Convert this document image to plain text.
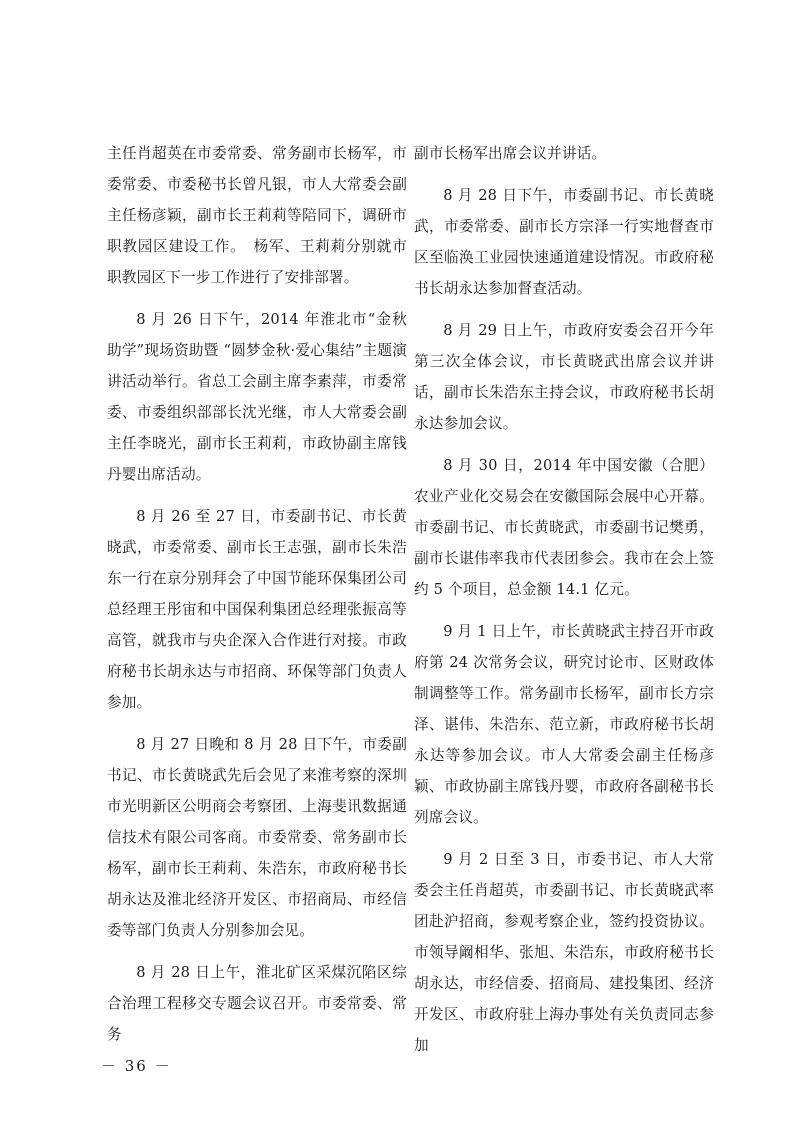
主任肖超英在市委常委、常务副市长杨军，市委常委、市委秘书长曾凡银，市人大常委会副主任杨彦颖，副市长王莉莉等陪同下，调研市职教园区建设工作。　杨军、王莉莉分别就市职教园区下一步工作进行了安排部署。

8 月 26 日下午，2014 年淮北市“金秋助学”现场资助暨 “圆梦金秋·爱心集结”主题演讲活动举行。省总工会副主席李素萍，市委常委、市委组织部部长沈光继，市人大常委会副主任李晓光，副市长王莉莉，市政协副主席钱丹婴出席活动。

8 月 26 至 27 日，市委副书记、市长黄晓武，市委常委、副市长王志强，副市长朱浩东一行在京分别拜会了中国节能环保集团公司总经理王彤宙和中国保利集团总经理张振高等高管，就我市与央企深入合作进行对接。市政府秘书长胡永达与市招商、环保等部门负责人参加。

8 月 27 日晚和 8 月 28 日下午，市委副书记、市长黄晓武先后会见了来淮考察的深圳市光明新区公明商会考察团、上海斐讯数据通信技术有限公司客商。市委常委、常务副市长杨军，副市长王莉莉、朱浩东，市政府秘书长胡永达及淮北经济开发区、市招商局、市经信委等部门负责人分别参加会见。

8 月 28 日上午，淮北矿区采煤沉陷区综合治理工程移交专题会议召开。市委常委、常务

副市长杨军出席会议并讲话。

8 月 28 日下午，市委副书记、市长黄晓武，市委常委、副市长方宗泽一行实地督查市区至临涣工业园快速通道建设情况。市政府秘书长胡永达参加督查活动。

8 月 29 日上午，市政府安委会召开今年第三次全体会议，市长黄晓武出席会议并讲话，副市长朱浩东主持会议，市政府秘书长胡永达参加会议。

8 月 30 日，2014 年中国安徽（合肥）农业产业化交易会在安徽国际会展中心开幕。市委副书记、市长黄晓武，市委副书记樊勇，副市长谌伟率我市代表团参会。我市在会上签约 5 个项目，总金额 14.1 亿元。

9 月 1 日上午，市长黄晓武主持召开市政府第 24 次常务会议，研究讨论市、区财政体制调整等工作。常务副市长杨军，副市长方宗泽、谌伟、朱浩东、范立新，市政府秘书长胡永达等参加会议。市人大常委会副主任杨彦颖、市政协副主席钱丹婴，市政府各副秘书长列席会议。

9 月 2 日至 3 日，市委书记、市人大常委会主任肖超英，市委副书记、市长黄晓武率团赴沪招商，参观考察企业，签约投资协议。市领导阚相华、张旭、朱浩东，市政府秘书长胡永达，市经信委、招商局、建投集团、经济开发区、市政府驻上海办事处有关负责同志参加

－ 36 －
